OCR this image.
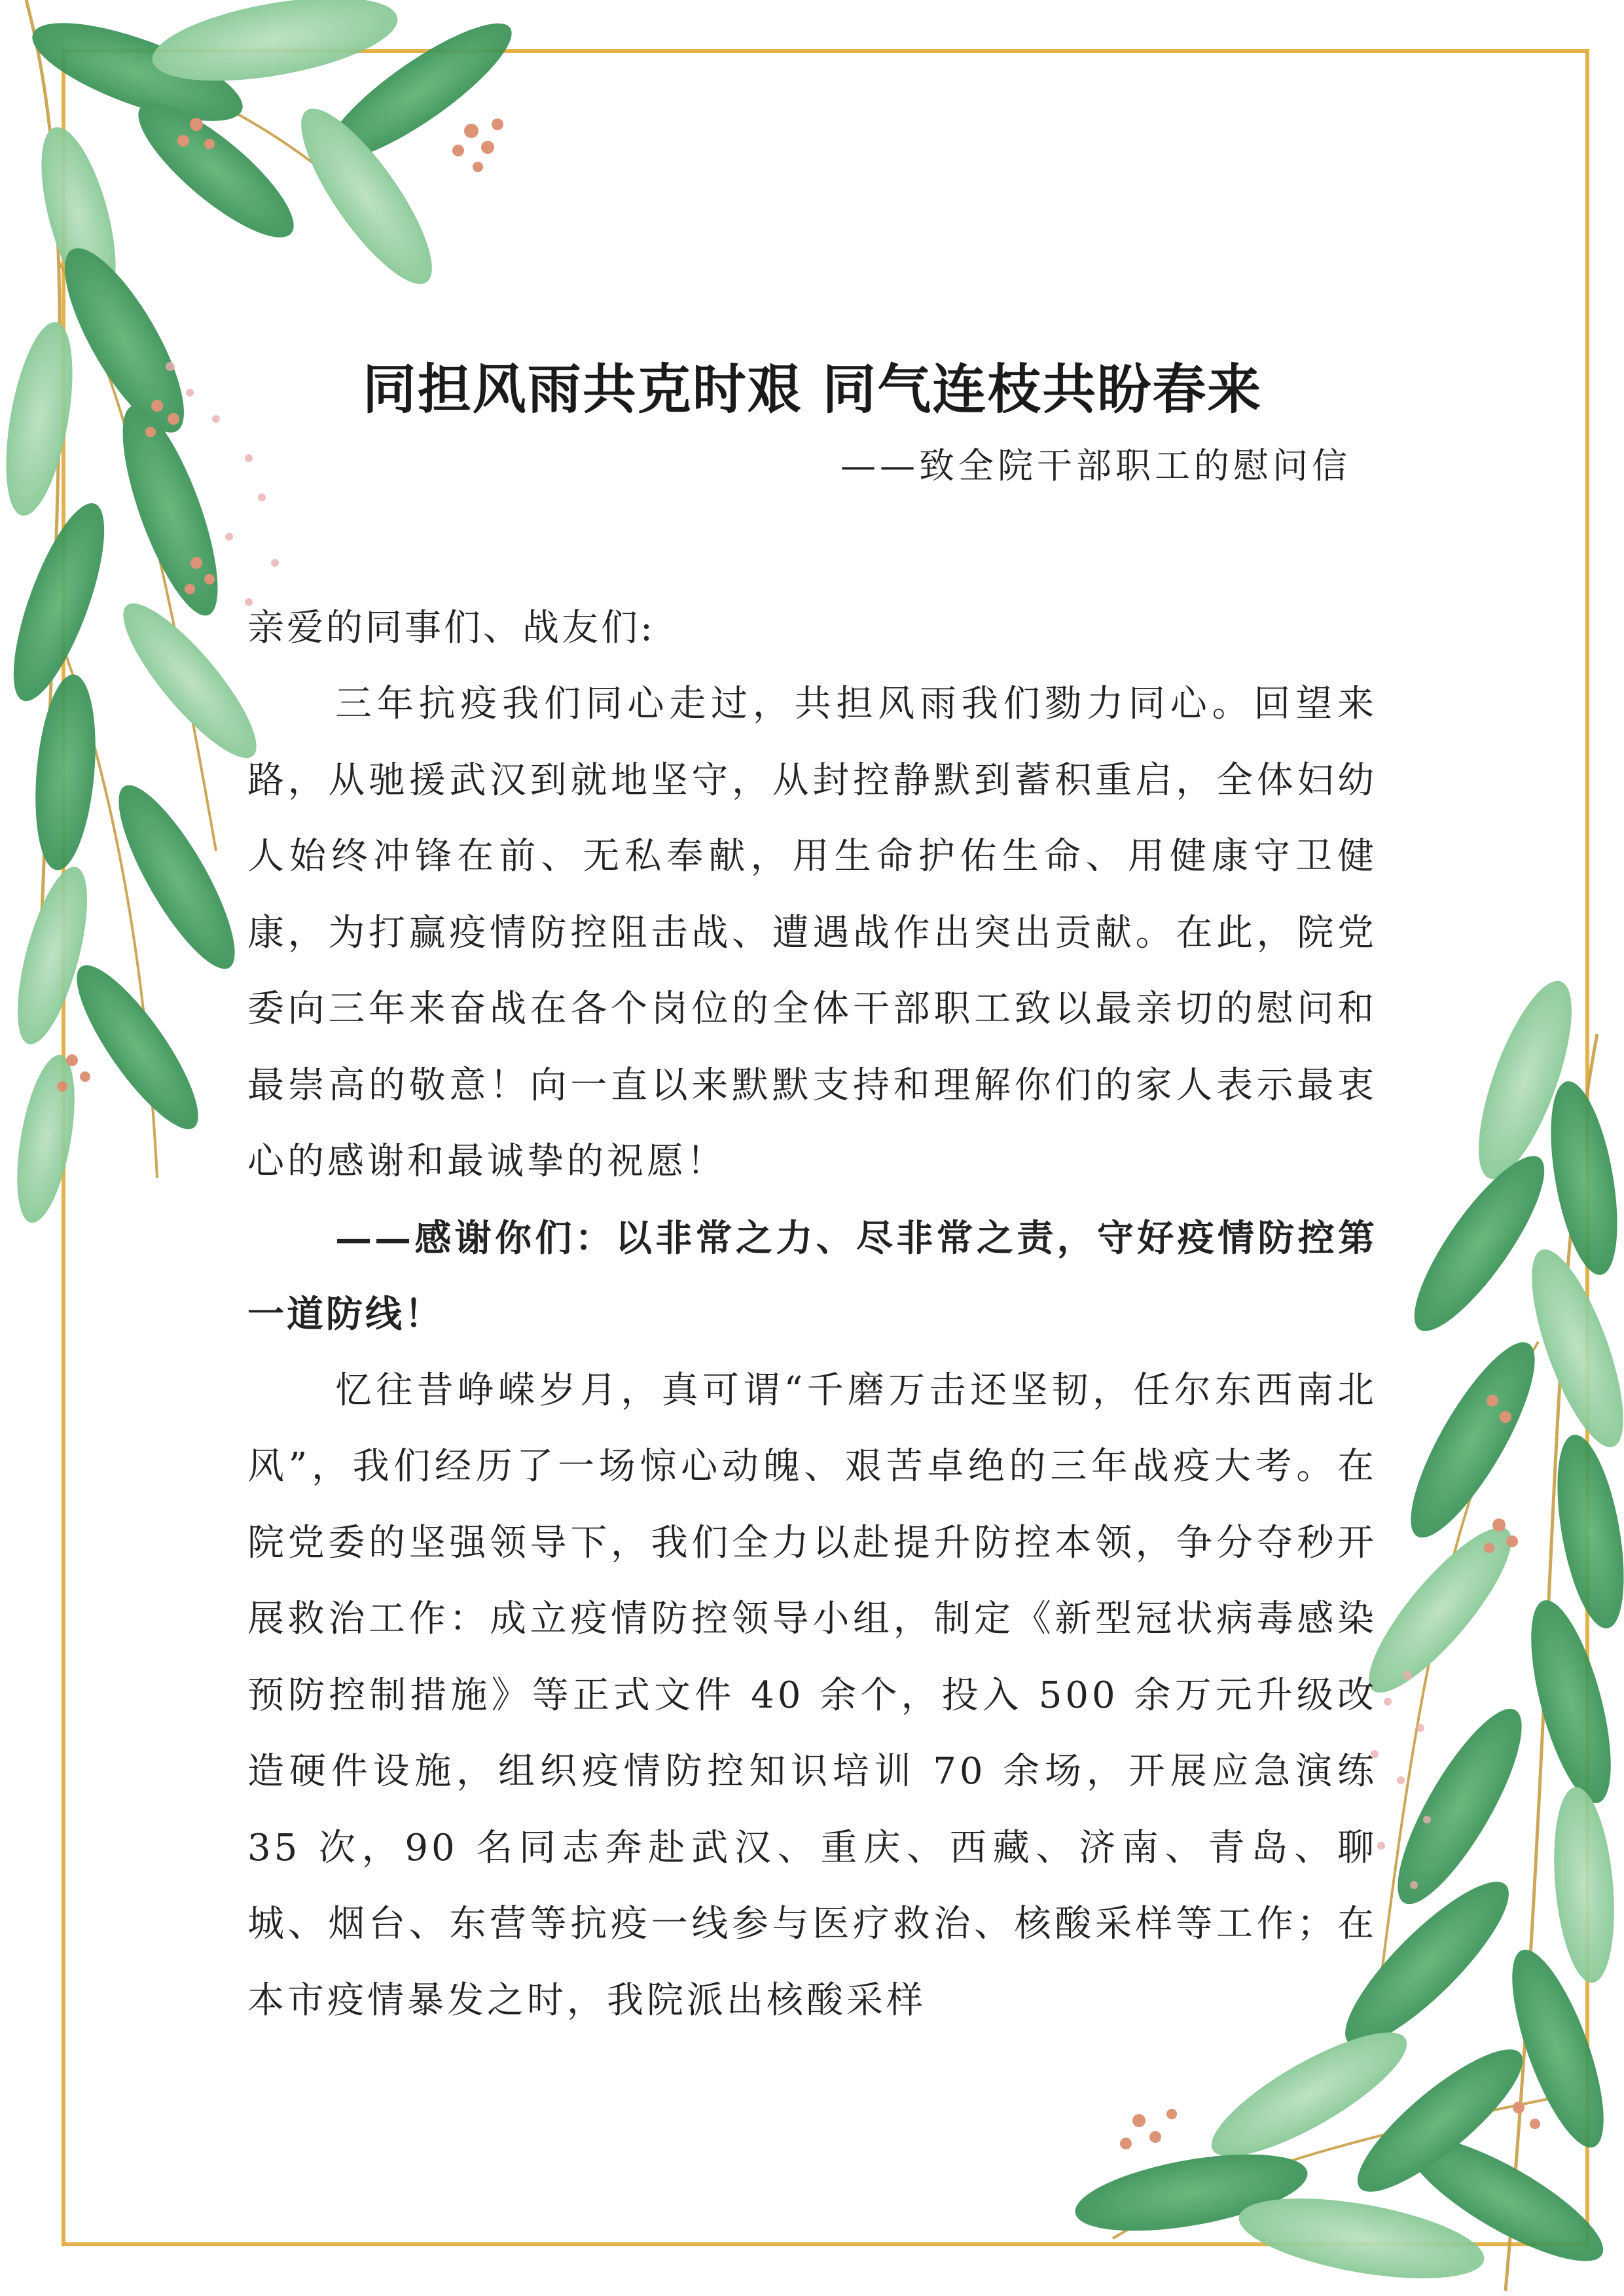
同担风雨共克时艰 同气连枝共盼春来
——致全院干部职工的慰问信
亲爱的同事们、战友们:

三年抗疫我们同心走过，共担风雨我们勠力同心。回望来路，从驰援武汉到就地坚守，从封控静默到蓄积重启，全体妇幼人始终冲锋在前、无私奉献，用生命护佑生命、用健康守卫健康，为打赢疫情防控阻击战、遭遇战作出突出贡献。在此，院党委向三年来奋战在各个岗位的全体干部职工致以最亲切的慰问和最崇高的敬意！向一直以来默默支持和理解你们的家人表示最衷心的感谢和最诚挚的祝愿！

——感谢你们：以非常之力、尽非常之责，守好疫情防控第一道防线！

忆往昔峥嵘岁月，真可谓“千磨万击还坚韧，任尔东西南北风”，我们经历了一场惊心动魄、艰苦卓绝的三年战疫大考。在院党委的坚强领导下，我们全力以赴提升防控本领，争分夺秒开展救治工作：成立疫情防控领导小组，制定《新型冠状病毒感染预防控制措施》等正式文件 40 余个，投入 500 余万元升级改造硬件设施，组织疫情防控知识培训 70 余场，开展应急演练 35 次，90 名同志奔赴武汉、重庆、西藏、济南、青岛、聊城、烟台、东营等抗疫一线参与医疗救治、核酸采样等工作；在本市疫情暴发之时，我院派出核酸采样
